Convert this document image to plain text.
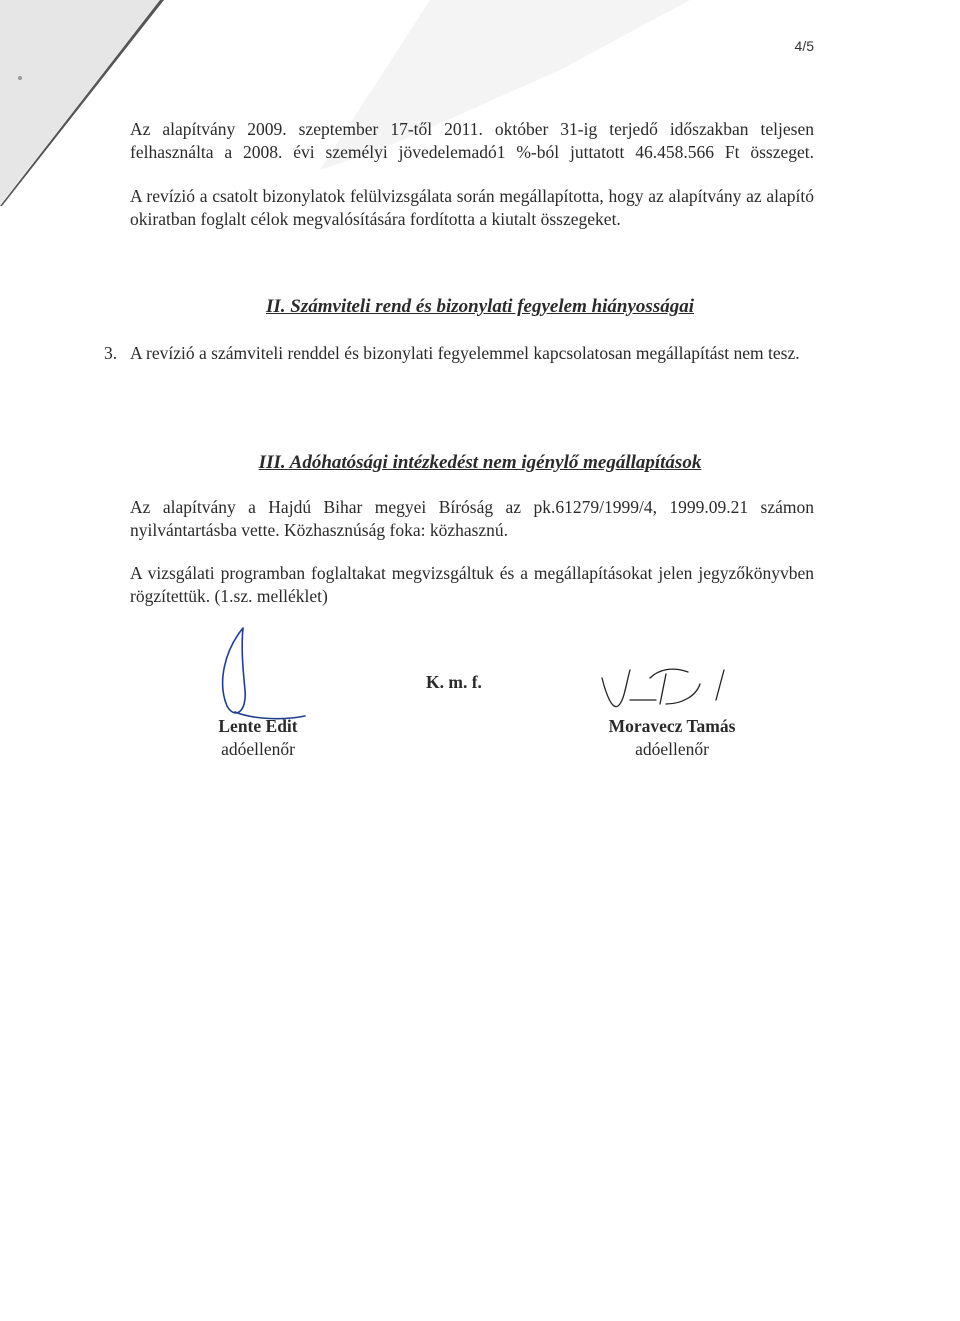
4/5
Az alapítvány 2009. szeptember 17-től 2011. október 31-ig terjedő időszakban teljesen felhasználta a 2008. évi személyi jövedelemadó1 %-ból juttatott 46.458.566 Ft összeget.
A revízió a csatolt bizonylatok felülvizsgálata során megállapította, hogy az alapítvány az alapító okiratban foglalt célok megvalósítására fordította a kiutalt összegeket.
II. Számviteli rend és bizonylati fegyelem hiányosságai
3. A revízió a számviteli renddel és bizonylati fegyelemmel kapcsolatosan megállapítást nem tesz.
III. Adóhatósági intézkedést nem igénylő megállapítások
Az alapítvány a Hajdú Bihar megyei Bíróság az pk.61279/1999/4, 1999.09.21 számon nyilvántartásba vette. Közhasznúság foka: közhasznú.
A vizsgálati programban foglaltakat megvizsgáltuk és a megállapításokat jelen jegyzőkönyvben rögzítettük. (1.sz. melléklet)
K. m. f.
Lente Edit
adóellenőr
Moravecz Tamás
adóellenőr
